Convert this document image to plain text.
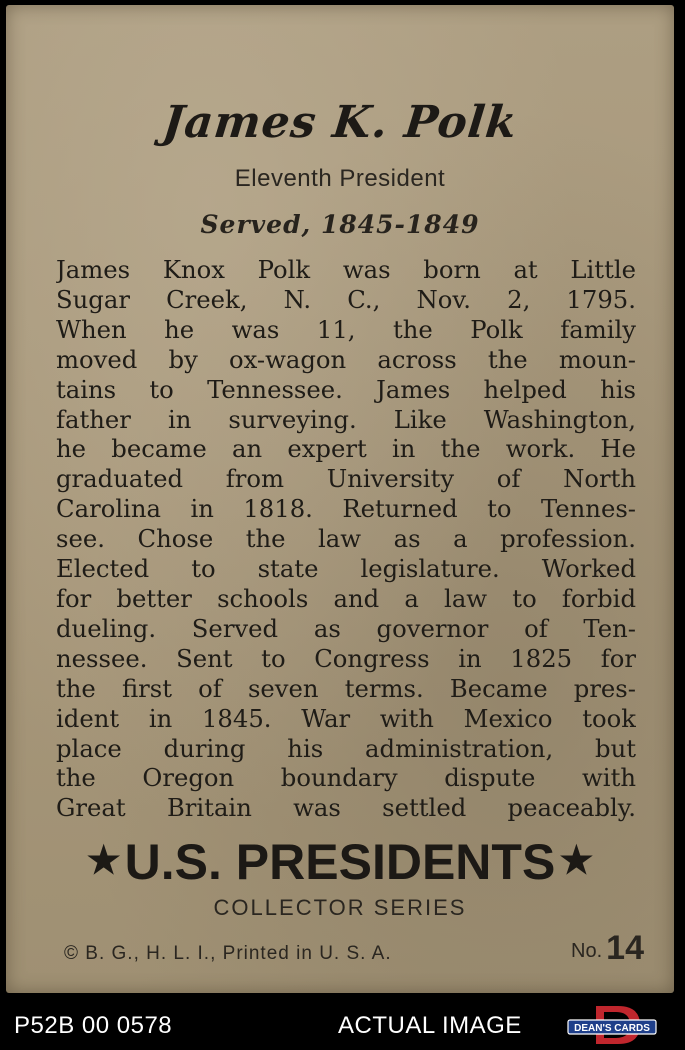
James K. Polk
Eleventh President
Served, 1845-1849
James Knox Polk was born at Little
Sugar Creek, N. C., Nov. 2, 1795.
When he was 11, the Polk family
moved by ox-wagon across the moun-
tains to Tennessee. James helped his
father in surveying. Like Washington,
he became an expert in the work. He
graduated from University of North
Carolina in 1818. Returned to Tennes-
see. Chose the law as a profession.
Elected to state legislature. Worked
for better schools and a law to forbid
dueling. Served as governor of Ten-
nessee. Sent to Congress in 1825 for
the first of seven terms. Became pres-
ident in 1845. War with Mexico took
place during his administration, but
the Oregon boundary dispute with
Great Britain was settled peaceably.
★U.S. PRESIDENTS ★
COLLECTOR SERIES
© B. G., H. L. I., Printed in U. S. A.	No. 14
P52B 00 0578	ACTUAL IMAGE	DEAN'S CARDS
